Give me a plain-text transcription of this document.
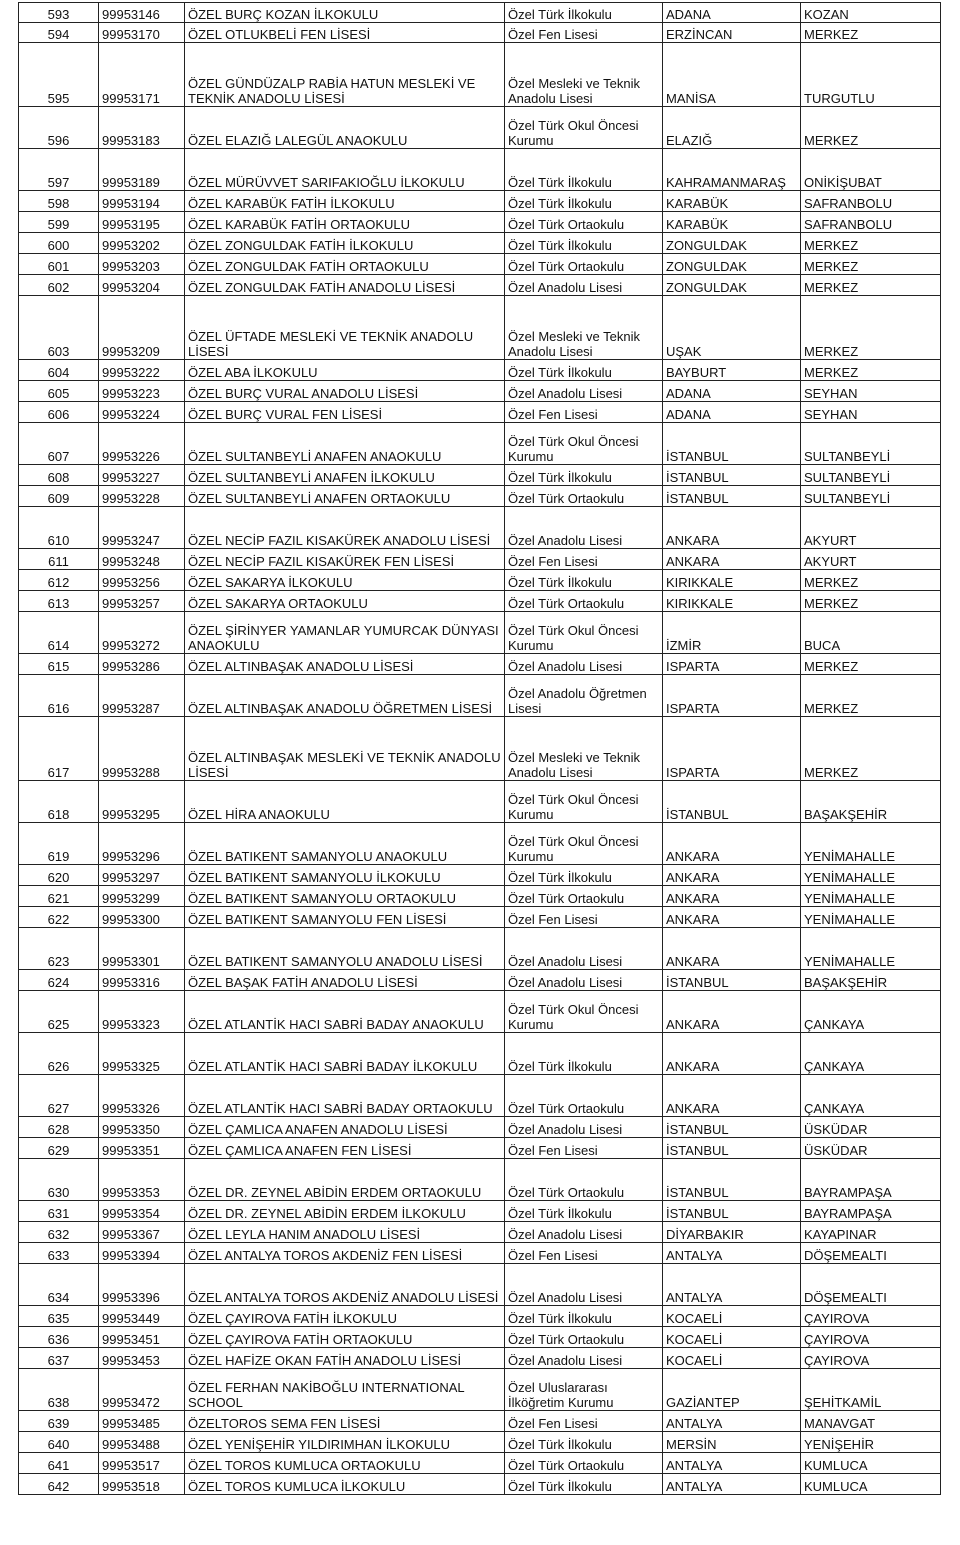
593	99953146	ÖZEL BURÇ KOZAN İLKOKULU	Özel Türk İlkokulu	ADANA	KOZAN
594	99953170	ÖZEL OTLUKBELİ FEN LİSESİ	Özel Fen Lisesi	ERZİNCAN	MERKEZ
595	99953171	ÖZEL GÜNDÜZALP RABİA HATUN MESLEKİ VE TEKNİK ANADOLU LİSESİ	Özel Mesleki ve Teknik Anadolu Lisesi	MANİSA	TURGUTLU
596	99953183	ÖZEL ELAZIĞ LALEGÜL ANAOKULU	Özel Türk Okul Öncesi Kurumu	ELAZIĞ	MERKEZ
597	99953189	ÖZEL MÜRÜVVET SARIFAKIOĞLU İLKOKULU	Özel Türk İlkokulu	KAHRAMANMARAŞ	ONİKİŞUBAT
598	99953194	ÖZEL KARABÜK FATİH İLKOKULU	Özel Türk İlkokulu	KARABÜK	SAFRANBOLU
599	99953195	ÖZEL KARABÜK FATİH ORTAOKULU	Özel Türk Ortaokulu	KARABÜK	SAFRANBOLU
600	99953202	ÖZEL ZONGULDAK FATİH İLKOKULU	Özel Türk İlkokulu	ZONGULDAK	MERKEZ
601	99953203	ÖZEL ZONGULDAK FATİH ORTAOKULU	Özel Türk Ortaokulu	ZONGULDAK	MERKEZ
602	99953204	ÖZEL ZONGULDAK FATİH ANADOLU LİSESİ	Özel Anadolu Lisesi	ZONGULDAK	MERKEZ
603	99953209	ÖZEL ÜFTADE MESLEKİ VE TEKNİK ANADOLU LİSESİ	Özel Mesleki ve Teknik Anadolu Lisesi	UŞAK	MERKEZ
604	99953222	ÖZEL ABA İLKOKULU	Özel Türk İlkokulu	BAYBURT	MERKEZ
605	99953223	ÖZEL BURÇ VURAL ANADOLU LİSESİ	Özel Anadolu Lisesi	ADANA	SEYHAN
606	99953224	ÖZEL BURÇ VURAL FEN LİSESİ	Özel Fen Lisesi	ADANA	SEYHAN
607	99953226	ÖZEL SULTANBEYLİ ANAFEN ANAOKULU	Özel Türk Okul Öncesi Kurumu	İSTANBUL	SULTANBEYLİ
608	99953227	ÖZEL SULTANBEYLİ ANAFEN İLKOKULU	Özel Türk İlkokulu	İSTANBUL	SULTANBEYLİ
609	99953228	ÖZEL SULTANBEYLİ ANAFEN ORTAOKULU	Özel Türk Ortaokulu	İSTANBUL	SULTANBEYLİ
610	99953247	ÖZEL NECİP FAZIL KISAKÜREK ANADOLU LİSESİ	Özel Anadolu Lisesi	ANKARA	AKYURT
611	99953248	ÖZEL NECİP FAZIL KISAKÜREK FEN LİSESİ	Özel Fen Lisesi	ANKARA	AKYURT
612	99953256	ÖZEL SAKARYA İLKOKULU	Özel Türk İlkokulu	KIRIKKALE	MERKEZ
613	99953257	ÖZEL SAKARYA ORTAOKULU	Özel Türk Ortaokulu	KIRIKKALE	MERKEZ
614	99953272	ÖZEL ŞİRİNYER YAMANLAR YUMURCAK DÜNYASI ANAOKULU	Özel Türk Okul Öncesi Kurumu	İZMİR	BUCA
615	99953286	ÖZEL ALTINBAŞAK ANADOLU LİSESİ	Özel Anadolu Lisesi	ISPARTA	MERKEZ
616	99953287	ÖZEL ALTINBAŞAK ANADOLU ÖĞRETMEN LİSESİ	Özel Anadolu Öğretmen Lisesi	ISPARTA	MERKEZ
617	99953288	ÖZEL ALTINBAŞAK MESLEKİ VE TEKNİK ANADOLU LİSESİ	Özel Mesleki ve Teknik Anadolu Lisesi	ISPARTA	MERKEZ
618	99953295	ÖZEL HİRA ANAOKULU	Özel Türk Okul Öncesi Kurumu	İSTANBUL	BAŞAKŞEHİR
619	99953296	ÖZEL BATIKENT SAMANYOLU ANAOKULU	Özel Türk Okul Öncesi Kurumu	ANKARA	YENİMAHALLE
620	99953297	ÖZEL BATIKENT SAMANYOLU İLKOKULU	Özel Türk İlkokulu	ANKARA	YENİMAHALLE
621	99953299	ÖZEL BATIKENT SAMANYOLU ORTAOKULU	Özel Türk Ortaokulu	ANKARA	YENİMAHALLE
622	99953300	ÖZEL BATIKENT SAMANYOLU FEN LİSESİ	Özel Fen Lisesi	ANKARA	YENİMAHALLE
623	99953301	ÖZEL BATIKENT SAMANYOLU ANADOLU LİSESİ	Özel Anadolu Lisesi	ANKARA	YENİMAHALLE
624	99953316	ÖZEL BAŞAK FATİH ANADOLU LİSESİ	Özel Anadolu Lisesi	İSTANBUL	BAŞAKŞEHİR
625	99953323	ÖZEL ATLANTİK HACI SABRİ BADAY ANAOKULU	Özel Türk Okul Öncesi Kurumu	ANKARA	ÇANKAYA
626	99953325	ÖZEL ATLANTİK HACI SABRİ BADAY İLKOKULU	Özel Türk İlkokulu	ANKARA	ÇANKAYA
627	99953326	ÖZEL ATLANTİK HACI SABRİ BADAY ORTAOKULU	Özel Türk Ortaokulu	ANKARA	ÇANKAYA
628	99953350	ÖZEL ÇAMLICA ANAFEN ANADOLU LİSESİ	Özel Anadolu Lisesi	İSTANBUL	ÜSKÜDAR
629	99953351	ÖZEL ÇAMLICA ANAFEN FEN LİSESİ	Özel Fen Lisesi	İSTANBUL	ÜSKÜDAR
630	99953353	ÖZEL DR. ZEYNEL ABİDİN ERDEM ORTAOKULU	Özel Türk Ortaokulu	İSTANBUL	BAYRAMPAŞA
631	99953354	ÖZEL DR. ZEYNEL ABİDİN ERDEM İLKOKULU	Özel Türk İlkokulu	İSTANBUL	BAYRAMPAŞA
632	99953367	ÖZEL LEYLA HANIM ANADOLU LİSESİ	Özel Anadolu Lisesi	DİYARBAKIR	KAYAPINAR
633	99953394	ÖZEL ANTALYA TOROS AKDENİZ FEN LİSESİ	Özel Fen Lisesi	ANTALYA	DÖŞEMEALTI
634	99953396	ÖZEL ANTALYA TOROS AKDENİZ ANADOLU LİSESİ	Özel Anadolu Lisesi	ANTALYA	DÖŞEMEALTI
635	99953449	ÖZEL ÇAYIROVA FATİH İLKOKULU	Özel Türk İlkokulu	KOCAELİ	ÇAYIROVA
636	99953451	ÖZEL ÇAYIROVA FATİH ORTAOKULU	Özel Türk Ortaokulu	KOCAELİ	ÇAYIROVA
637	99953453	ÖZEL HAFİZE OKAN FATİH ANADOLU LİSESİ	Özel Anadolu Lisesi	KOCAELİ	ÇAYIROVA
638	99953472	ÖZEL FERHAN NAKİBOĞLU INTERNATIONAL SCHOOL	Özel Uluslararası İlköğretim Kurumu	GAZİANTEP	ŞEHİTKAMİL
639	99953485	ÖZELTOROS SEMA FEN LİSESİ	Özel Fen Lisesi	ANTALYA	MANAVGAT
640	99953488	ÖZEL YENİŞEHİR YILDIRIMHAN İLKOKULU	Özel Türk İlkokulu	MERSİN	YENİŞEHİR
641	99953517	ÖZEL TOROS KUMLUCA ORTAOKULU	Özel Türk Ortaokulu	ANTALYA	KUMLUCA
642	99953518	ÖZEL TOROS KUMLUCA İLKOKULU	Özel Türk İlkokulu	ANTALYA	KUMLUCA
